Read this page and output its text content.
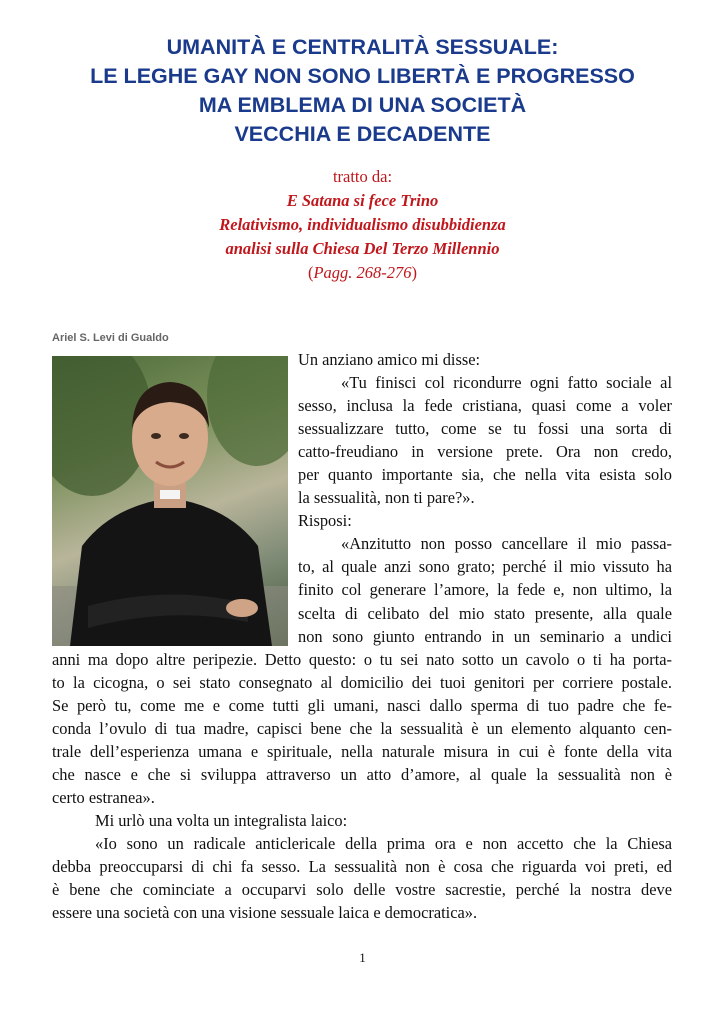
UMANITÀ E CENTRALITÀ SESSUALE:
LE LEGHE GAY NON SONO LIBERTÀ E PROGRESSO
MA EMBLEMA DI UNA SOCIETÀ
VECCHIA E DECADENTE
tratto da:
E Satana si fece Trino
Relativismo, individualismo disubbidienza
analisi sulla Chiesa Del Terzo Millennio
(Pagg. 268-276)
Ariel S. Levi di Gualdo
Un anziano amico mi disse:
«Tu finisci col ricondurre ogni fatto sociale al
sesso, inclusa la fede cristiana, quasi come a voler
sessualizzare tutto, come se tu fossi una sorta di
catto-freudiano in versione prete. Ora non credo,
per quanto importante sia, che nella vita esista solo
la sessualità, non ti pare?».
Risposi:
«Anzitutto non posso cancellare il mio passa-
to, al quale anzi sono grato; perché il mio vissuto ha
finito col generare l’amore, la fede e, non ultimo, la
scelta di celibato del mio stato presente, alla quale
non sono giunto entrando in un seminario a undici
anni ma dopo altre peripezie. Detto questo: o tu sei nato sotto un cavolo o ti ha porta-
to la cicogna, o sei stato consegnato al domicilio dei tuoi genitori per corriere postale.
Se però tu, come me e come tutti gli umani, nasci dallo sperma di tuo padre che fe-
conda l’ovulo di tua madre, capisci bene che la sessualità è un elemento alquanto cen-
trale dell’esperienza umana e spirituale, nella naturale misura in cui è fonte della vita
che nasce e che si sviluppa attraverso un atto d’amore, al quale la sessualità non è
certo estranea».
Mi urlò una volta un integralista laico:
«Io sono un radicale anticlericale della prima ora e non accetto che la Chiesa
debba preoccuparsi di chi fa sesso. La sessualità non è cosa che riguarda voi preti, ed
è bene che cominciate a occuparvi solo delle vostre sacrestie, perché la nostra deve
essere una società con una visione sessuale laica e democratica».
1
